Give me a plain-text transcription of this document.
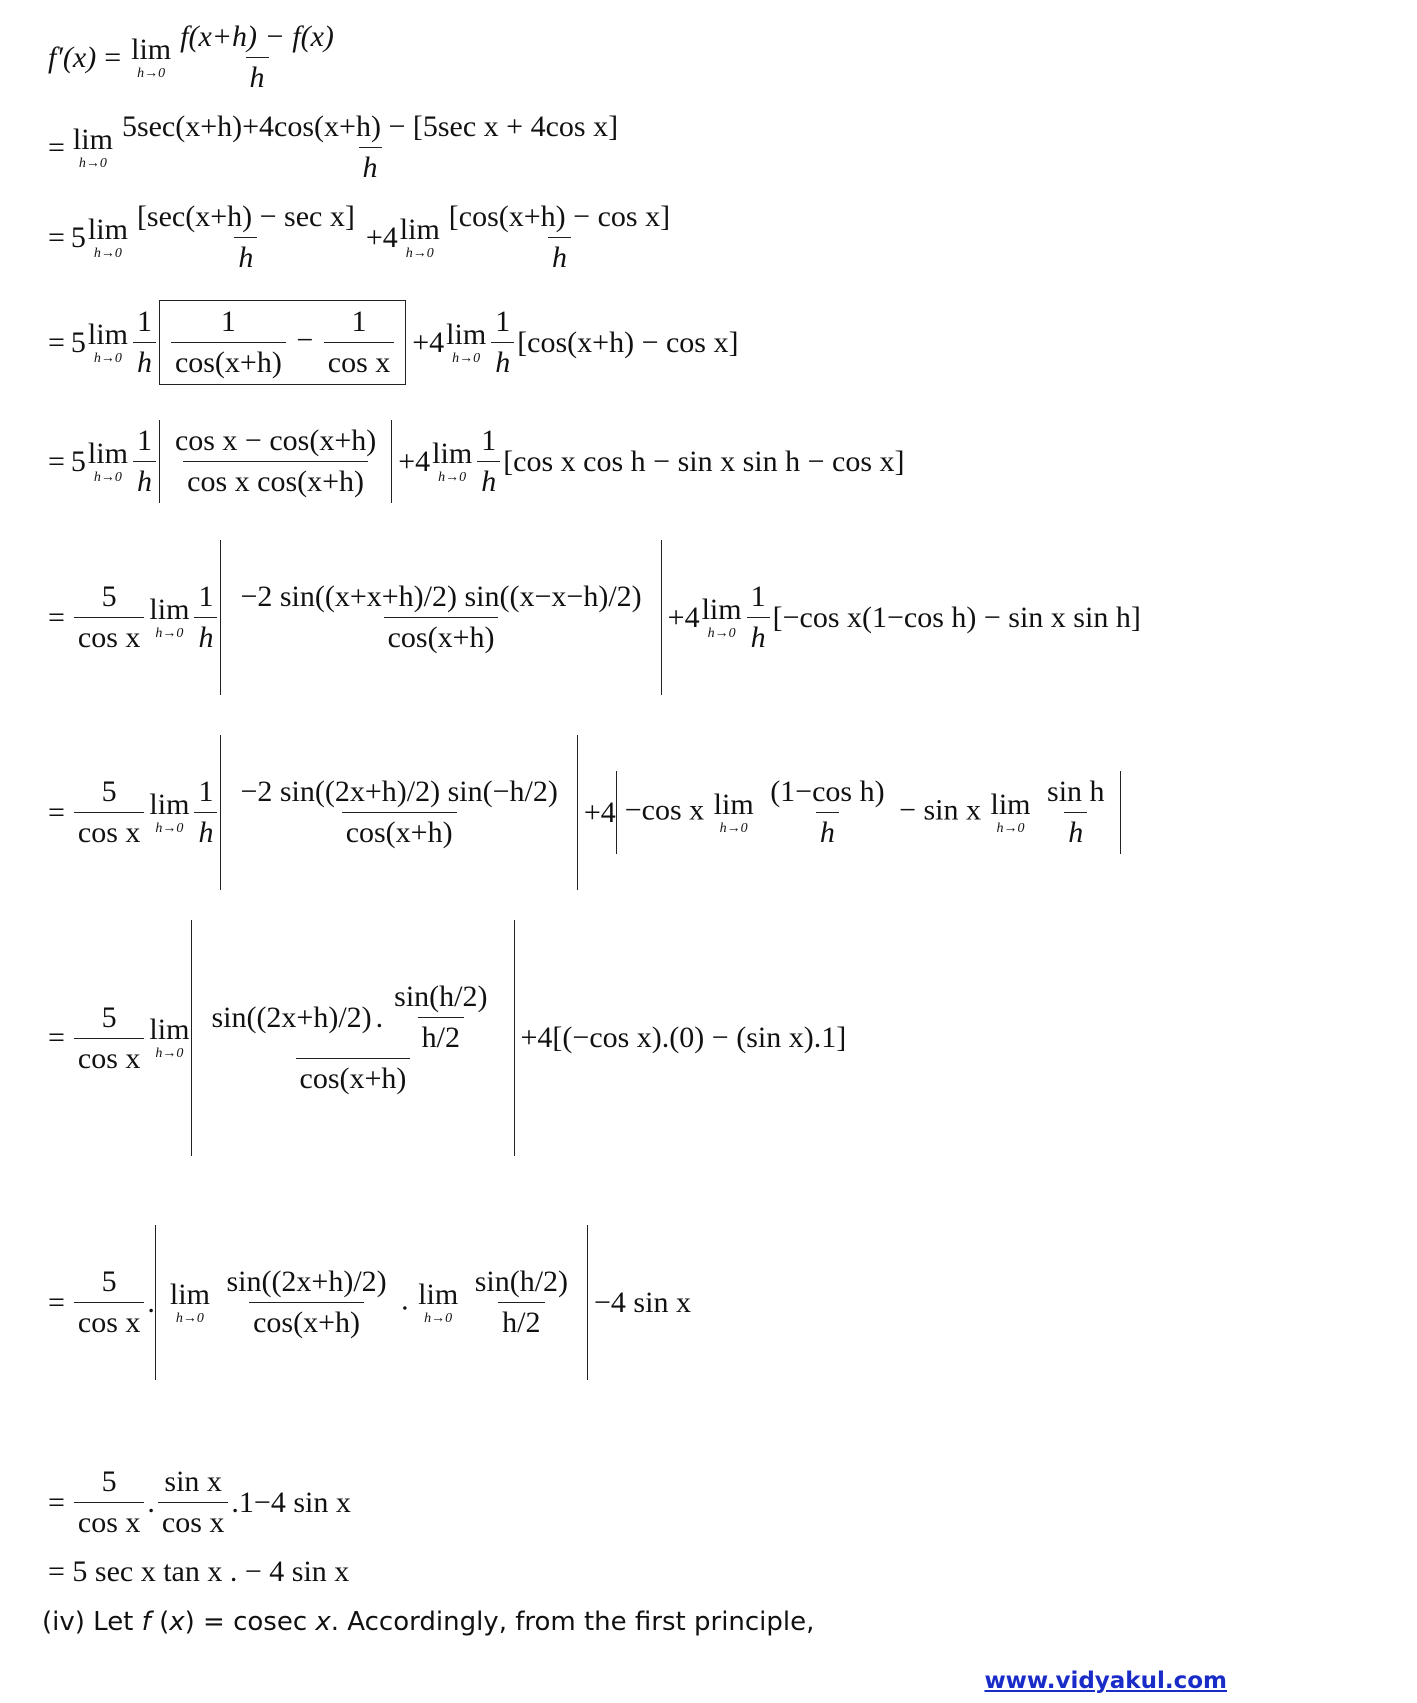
f′(x) = lim
$h\to 0 \frac{f(x+h) - f(x)}{h}$
= lim
$h\to 0 \frac{\text{5sec(x+h)+4cos(x+h) − [5sec x + 4cos x]}}{h}$
= 5 lim
$h\to 0 \frac{\text{[sec(x+h) − sec x]}}{h} +4$ lim
$h\to 0 \frac{\text{[cos(x+h) − cos x]}}{h}$
= 5 lim
$h\to 0 \frac{1}{h} \frac{1}{\cos(x+h)} - \frac{1}{\text{cos x}} +4$ lim
$h\to 0 \frac{1}{h} [\cos(x+h) - \cos x]$
= 5 lim
$h\to 0 \frac{1}{h} \frac{\text{cos x − cos(x+h)}}{\text{cos x cos(x+h)}} +4$ lim
$h\to 0 \frac{1}{h} [\cos$ x cos h − sin x sin h − cos x]
= $\frac{5}{\text{cos x}}$ lim
$h\to 0 \frac{1}{h} \frac{-2 \sin((x+x+h)/2) \sin((x-x-h)/2)}{\cos(x+h)} +4$ lim
$h\to 0 \frac{1}{h} [-\cos$ x(1−cos h) − sin x sin h]
= $\frac{5}{\text{cos x}}$ lim
$h\to 0 \frac{1}{h} \frac{-2 \sin((2x+h)/2) \sin(-h/2)}{\cos(x+h)} +4 -\cos$ x lim
h→0
$\frac{\text{(1−cos h)}}{h} - \sin x$ lim
h→0
$\frac{\text{sin h}}{h}$
= $\frac{5}{\text{cos x}}$ lim
h→0
sin((2x+h)/2) . $\frac{\sin(h/2)}{h/2}$
cos(x+h)
+4[(−cos x).(0) − (sin x).1]
= $\frac{5}{\text{cos x}}$ . lim
h→0
$\frac{\sin((2x+h)/2)}{\cos(x+h)}$ . lim
h→0
$\frac{\sin(h/2)}{h/2} -4$ sin x
= $\frac{5}{\text{cos x}}$ . $\frac{\text{sin x}}{\text{cos x}} .1-4$ sin x
= 5 sec x tan x . − 4 sin x
(iv) Let f (x) = cosec x. Accordingly, from the first principle,
www.vidyakul.com
